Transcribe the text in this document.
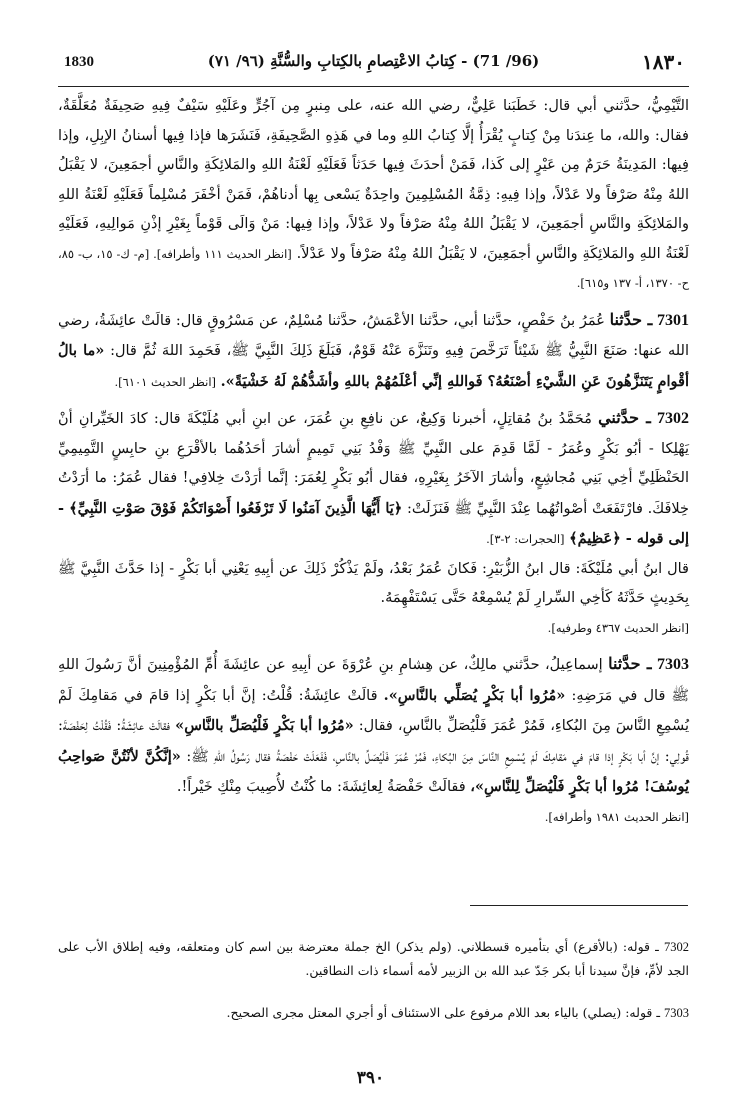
1830	(96/ 71) - كِتابُ الاعْتِصامِ بالكِتابِ والسُّنَّةِ (٩٦/ ٧١)	١٨٣٠

التَّيْمِيُّ، حدَّثني أبي قال: خَطَبَنا عَلِيٌّ، رضي الله عنه، على مِنبرٍ مِن آجُرٍّ وعَلَيْهِ سَيْفٌ فِيهِ صَحِيفَةٌ مُعَلَّقَةٌ، فقال: والله، ما عِندَنا مِنْ كِتابٍ يُقْرَأُ إلَّا كِتابُ اللهِ وما في هَذِهِ الصَّحِيفَةِ، فَنَشَرَها فإذا فِيها أسنانُ الإبِلِ، وإذا فِيها: المَدِينَةُ حَرَمٌ مِن عَيْرٍ إلى كَذا، فَمَنْ أحدَثَ فِيها حَدَثاً فَعَلَيْهِ لَعْنَةُ اللهِ والمَلائِكَةِ والنَّاسِ أجمَعِينَ، لا يَقْبَلُ اللهُ مِنْهُ صَرْفاً ولا عَدْلاً، وإذا فِيهِ: ذِمَّةُ المُسْلِمِينَ واحِدَةٌ يَسْعى بِها أدناهُمْ، فَمَنْ أخْفَرَ مُسْلِماً فَعَلَيْهِ لَعْنَةُ اللهِ والمَلائِكَةِ والنَّاسِ أجمَعِينَ، لا يَقْبَلُ اللهُ مِنْهُ صَرْفاً ولا عَدْلاً، وإذا فِيها: مَنْ وَالَى قَوْماً بِغَيْرِ إذْنِ مَوالِيهِ، فَعَلَيْهِ لَعْنَةُ اللهِ والمَلائِكَةِ والنَّاسِ أجمَعِينَ، لا يَقْبَلُ اللهُ مِنْهُ صَرْفاً ولا عَدْلاً. [انظر الحديث ١١١ وأطرافه]. [م- ك- ١٥، ب- ٨٥، ح- ١٣٧٠، أ- ١٣٧ و٦١٥].

7301 ـ حدَّثنا عُمَرُ بنُ حَفْصٍ، حدَّثنا أبي، حدَّثنا الأعْمَشُ، حدَّثنا مُسْلِمٌ، عن مَسْرُوقٍ قال: قالَتْ عائِشَةُ، رضي الله عنها: صَنَعَ النَّبِيُّ ﷺ شَيْئاً تَرَخَّصَ فِيهِ وتَنَزَّهَ عَنْهُ قَوْمٌ، فَبَلَغَ ذَلِكَ النَّبِيَّ ﷺ، فَحَمِدَ اللهَ ثُمَّ قال: «ما بالُ أقْوامٍ يَتَنَزَّهُونَ عَنِ الشَّيْءِ أصْنَعُهُ؟ فَواللهِ إنِّي أعْلَمُهُمْ باللهِ وأشَدُّهُمْ لَهُ خَشْيَةً». [انظر الحديث ٦١٠١].

7302 ـ حدَّثني مُحَمَّدُ بنُ مُقاتِلٍ، أخبرنا وَكِيعٌ، عن نافِعِ بنِ عُمَرَ، عن ابنِ أبي مُلَيْكَةَ قال: كادَ الخَيِّرانِ أنْ يَهْلِكا - أبُو بَكْرٍ وعُمَرُ - لَمَّا قَدِمَ على النَّبِيِّ ﷺ وَفْدُ بَنِي تَمِيمٍ أشارَ أحَدُهُما بالأقْرَعِ بنِ حابِسٍ التَّمِيمِيِّ الحَنْظَلِيِّ أخِي بَنِي مُجاشِعٍ، وأشارَ الآخَرُ بِغَيْرِهِ، فقال أبُو بَكْرٍ لِعُمَرَ: إنَّما أرَدْتَ خِلافِي! فقال عُمَرُ: ما أرَدْتُ خِلافَكَ. فارْتَفَعَتْ أصْواتُهُما عِنْدَ النَّبِيِّ ﷺ فَنَزَلَتْ: ﴿يَا أَيُّهَا الَّذِينَ آمَنُوا لَا تَرْفَعُوا أَصْوَاتَكُمْ فَوْقَ صَوْتِ النَّبِيِّ﴾ - إلى قوله - ﴿عَظِيمٌ﴾ [الحجرات: ٢-٣].
قال ابنُ أبي مُلَيْكَةَ: قال ابنُ الزُّبَيْرِ: فَكانَ عُمَرُ بَعْدُ، ولَمْ يَذْكُرْ ذَلِكَ عن أبِيهِ يَعْنِي أبا بَكْرٍ - إذا حَدَّثَ النَّبِيَّ ﷺ بِحَدِيثٍ حَدَّثَهُ كَأخِي السِّرارِ لَمْ يُسْمِعْهُ حَتَّى يَسْتَفْهِمَهُ.
[انظر الحديث ٤٣٦٧ وطرفيه].

7303 ـ حدَّثنا إسماعِيلُ، حدَّثني مالِكٌ، عن هِشامِ بنِ عُرْوَةَ عن أبِيهِ عن عائِشَةَ أُمِّ المُؤْمِنِينَ أنَّ رَسُولَ اللهِ ﷺ قال في مَرَضِهِ: «مُرُوا أبا بَكْرٍ يُصَلِّي بالنَّاسِ». قالَتْ عائِشَةُ: قُلْتُ: إنَّ أبا بَكْرٍ إذا قامَ في مَقامِكَ لَمْ يُسْمِعِ النَّاسَ مِنَ البُكاءِ، فَمُرْ عُمَرَ فَلْيُصَلِّ بالنَّاسِ، فقال: «مُرُوا أبا بَكْرٍ فَلْيُصَلِّ بالنَّاسِ» فقالَتْ عائِشَةُ: فَقُلْتُ لِحَفْصَةَ: قُولِي: إنَّ أبا بَكْرٍ إذا قامَ في مَقامِكَ لَمْ يُسْمِعِ النَّاسَ مِنَ البُكاءِ، فَمُرْ عُمَرَ فَلْيُصَلِّ بالنَّاسِ، فَفَعَلَتْ حَفْصَةُ فقال رَسُولُ اللهِ ﷺ: «إنَّكُنَّ لأنْتُنَّ صَواحِبُ يُوسُفَ! مُرُوا أبا بَكْرٍ فَلْيُصَلِّ لِلنَّاسِ»، فقالَتْ حَفْصَةُ لِعائِشَةَ: ما كُنْتُ لأُصِيبَ مِنْكِ خَيْراً!.
[انظر الحديث ١٩٨١ وأطرافه].

7302 ـ قوله: (بالأقرع) أي بتأميره قسطلاني. (ولم يذكر) الخ جملة معترضة بين اسم كان ومتعلقه، وفيه إطلاق الأب على الجد لأمِّ، فإنَّ سيدنا أبا بكر جَدّ عبد الله بن الزبير لأمه أسماء ذات النطاقين.

7303 ـ قوله: (يصلي) بالياء بعد اللام مرفوع على الاستئناف أو أجري المعتل مجرى الصحيح.

٣٩٠
